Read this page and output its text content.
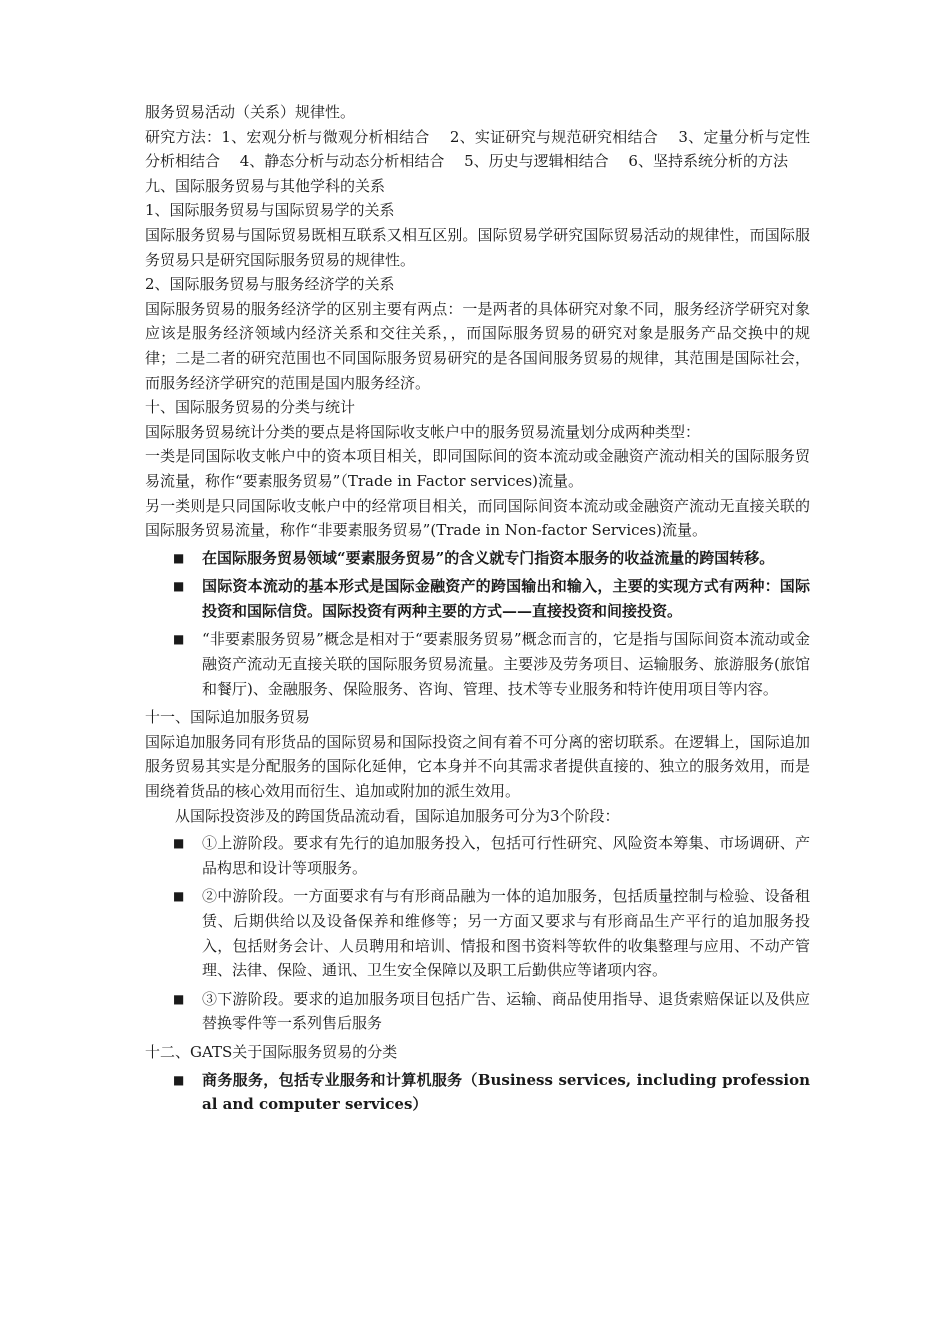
服务贸易活动（关系）规律性。

研究方法：1、宏观分析与微观分析相结合　 2、实证研究与规范研究相结合　 3、定量分析与定性分析相结合　 4、静态分析与动态分析相结合　 5、历史与逻辑相结合　 6、坚持系统分析的方法

九、国际服务贸易与其他学科的关系

1、国际服务贸易与国际贸易学的关系

国际服务贸易与国际贸易既相互联系又相互区别。国际贸易学研究国际贸易活动的规律性，而国际服务贸易只是研究国际服务贸易的规律性。

2、国际服务贸易与服务经济学的关系

国际服务贸易的服务经济学的区别主要有两点：一是两者的具体研究对象不同，服务经济学研究对象应该是服务经济领域内经济关系和交往关系，，而国际服务贸易的研究对象是服务产品交换中的规律；二是二者的研究范围也不同国际服务贸易研究的是各国间服务贸易的规律，其范围是国际社会，而服务经济学研究的范围是国内服务经济。

十、国际服务贸易的分类与统计

国际服务贸易统计分类的要点是将国际收支帐户中的服务贸易流量划分成两种类型：

一类是同国际收支帐户中的资本项目相关，即同国际间的资本流动或金融资产流动相关的国际服务贸易流量，称作“要素服务贸易”（Trade in Factor services)流量。

另一类则是只同国际收支帐户中的经常项目相关，而同国际间资本流动或金融资产流动无直接关联的国际服务贸易流量，称作“非要素服务贸易”(Trade in Non-factor Services)流量。

■ 在国际服务贸易领域“要素服务贸易”的含义就专门指资本服务的收益流量的跨国转移。
■ 国际资本流动的基本形式是国际金融资产的跨国输出和输入，主要的实现方式有两种：国际投资和国际信贷。国际投资有两种主要的方式——直接投资和间接投资。
■ “非要素服务贸易”概念是相对于“要素服务贸易”概念而言的，它是指与国际间资本流动或金融资产流动无直接关联的国际服务贸易流量。主要涉及劳务项目、运输服务、旅游服务(旅馆和餐厅)、金融服务、保险服务、咨询、管理、技术等专业服务和特许使用项目等内容。

十一、国际追加服务贸易

国际追加服务同有形货品的国际贸易和国际投资之间有着不可分离的密切联系。在逻辑上，国际追加服务贸易其实是分配服务的国际化延伸，它本身并不向其需求者提供直接的、独立的服务效用，而是围绕着货品的核心效用而衍生、追加或附加的派生效用。

从国际投资涉及的跨国货品流动看，国际追加服务可分为3个阶段：

■ ①上游阶段。要求有先行的追加服务投入，包括可行性研究、风险资本筹集、市场调研、产品构思和设计等项服务。
■ ②中游阶段。一方面要求有与有形商品融为一体的追加服务，包括质量控制与检验、设备租赁、后期供给以及设备保养和维修等；另一方面又要求与有形商品生产平行的追加服务投入，包括财务会计、人员聘用和培训、情报和图书资料等软件的收集整理与应用、不动产管理、法律、保险、通讯、卫生安全保障以及职工后勤供应等诸项内容。
■ ③下游阶段。要求的追加服务项目包括广告、运输、商品使用指导、退货索赔保证以及供应替换零件等一系列售后服务

十二、GATS关于国际服务贸易的分类

■ 商务服务，包括专业服务和计算机服务（Business services, including professional and computer services）
